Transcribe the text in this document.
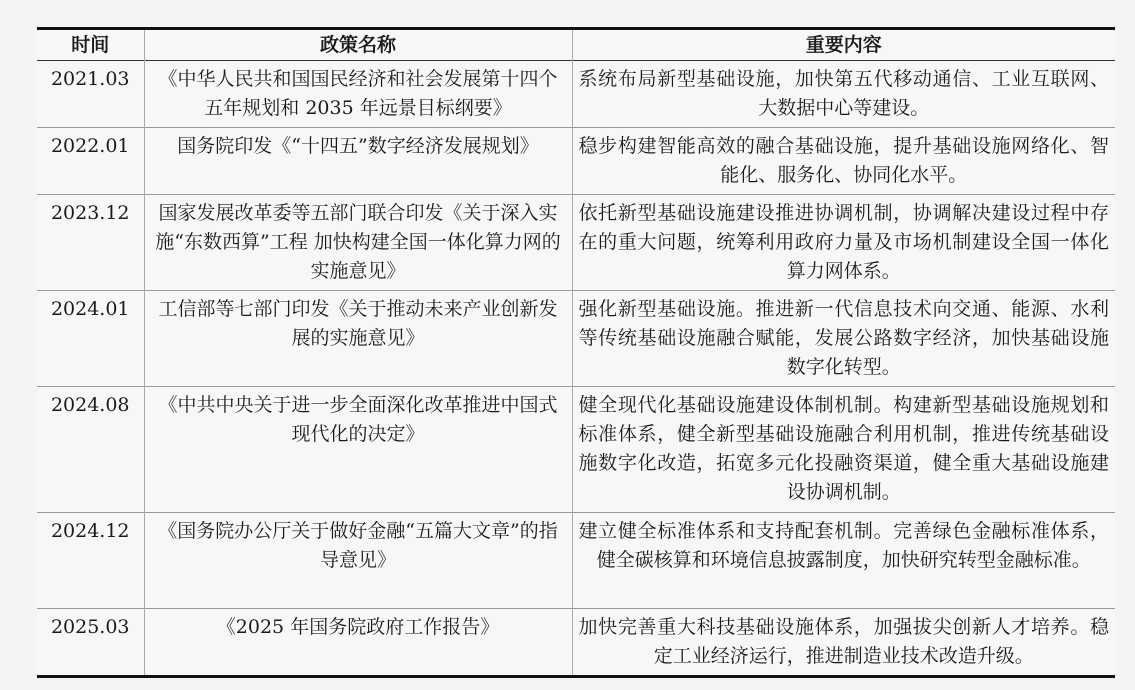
时间	政策名称	重要内容
2021.03	《中华人民共和国国民经济和社会发展第十四个五年规划和 2035 年远景目标纲要》	系统布局新型基础设施，加快第五代移动通信、工业互联网、大数据中心等建设。
2022.01	国务院印发《“十四五”数字经济发展规划》	稳步构建智能高效的融合基础设施，提升基础设施网络化、智能化、服务化、协同化水平。
2023.12	国家发展改革委等五部门联合印发《关于深入实施“东数西算”工程 加快构建全国一体化算力网的实施意见》	依托新型基础设施建设推进协调机制，协调解决建设过程中存在的重大问题，统筹利用政府力量及市场机制建设全国一体化算力网体系。
2024.01	工信部等七部门印发《关于推动未来产业创新发展的实施意见》	强化新型基础设施。推进新一代信息技术向交通、能源、水利等传统基础设施融合赋能，发展公路数字经济，加快基础设施数字化转型。
2024.08	《中共中央关于进一步全面深化改革推进中国式现代化的决定》	健全现代化基础设施建设体制机制。构建新型基础设施规划和标准体系，健全新型基础设施融合利用机制，推进传统基础设施数字化改造，拓宽多元化投融资渠道，健全重大基础设施建设协调机制。
2024.12	《国务院办公厅关于做好金融“五篇大文章”的指导意见》	建立健全标准体系和支持配套机制。完善绿色金融标准体系，健全碳核算和环境信息披露制度，加快研究转型金融标准。
2025.03	《2025 年国务院政府工作报告》	加快完善重大科技基础设施体系，加强拔尖创新人才培养。稳定工业经济运行，推进制造业技术改造升级。
